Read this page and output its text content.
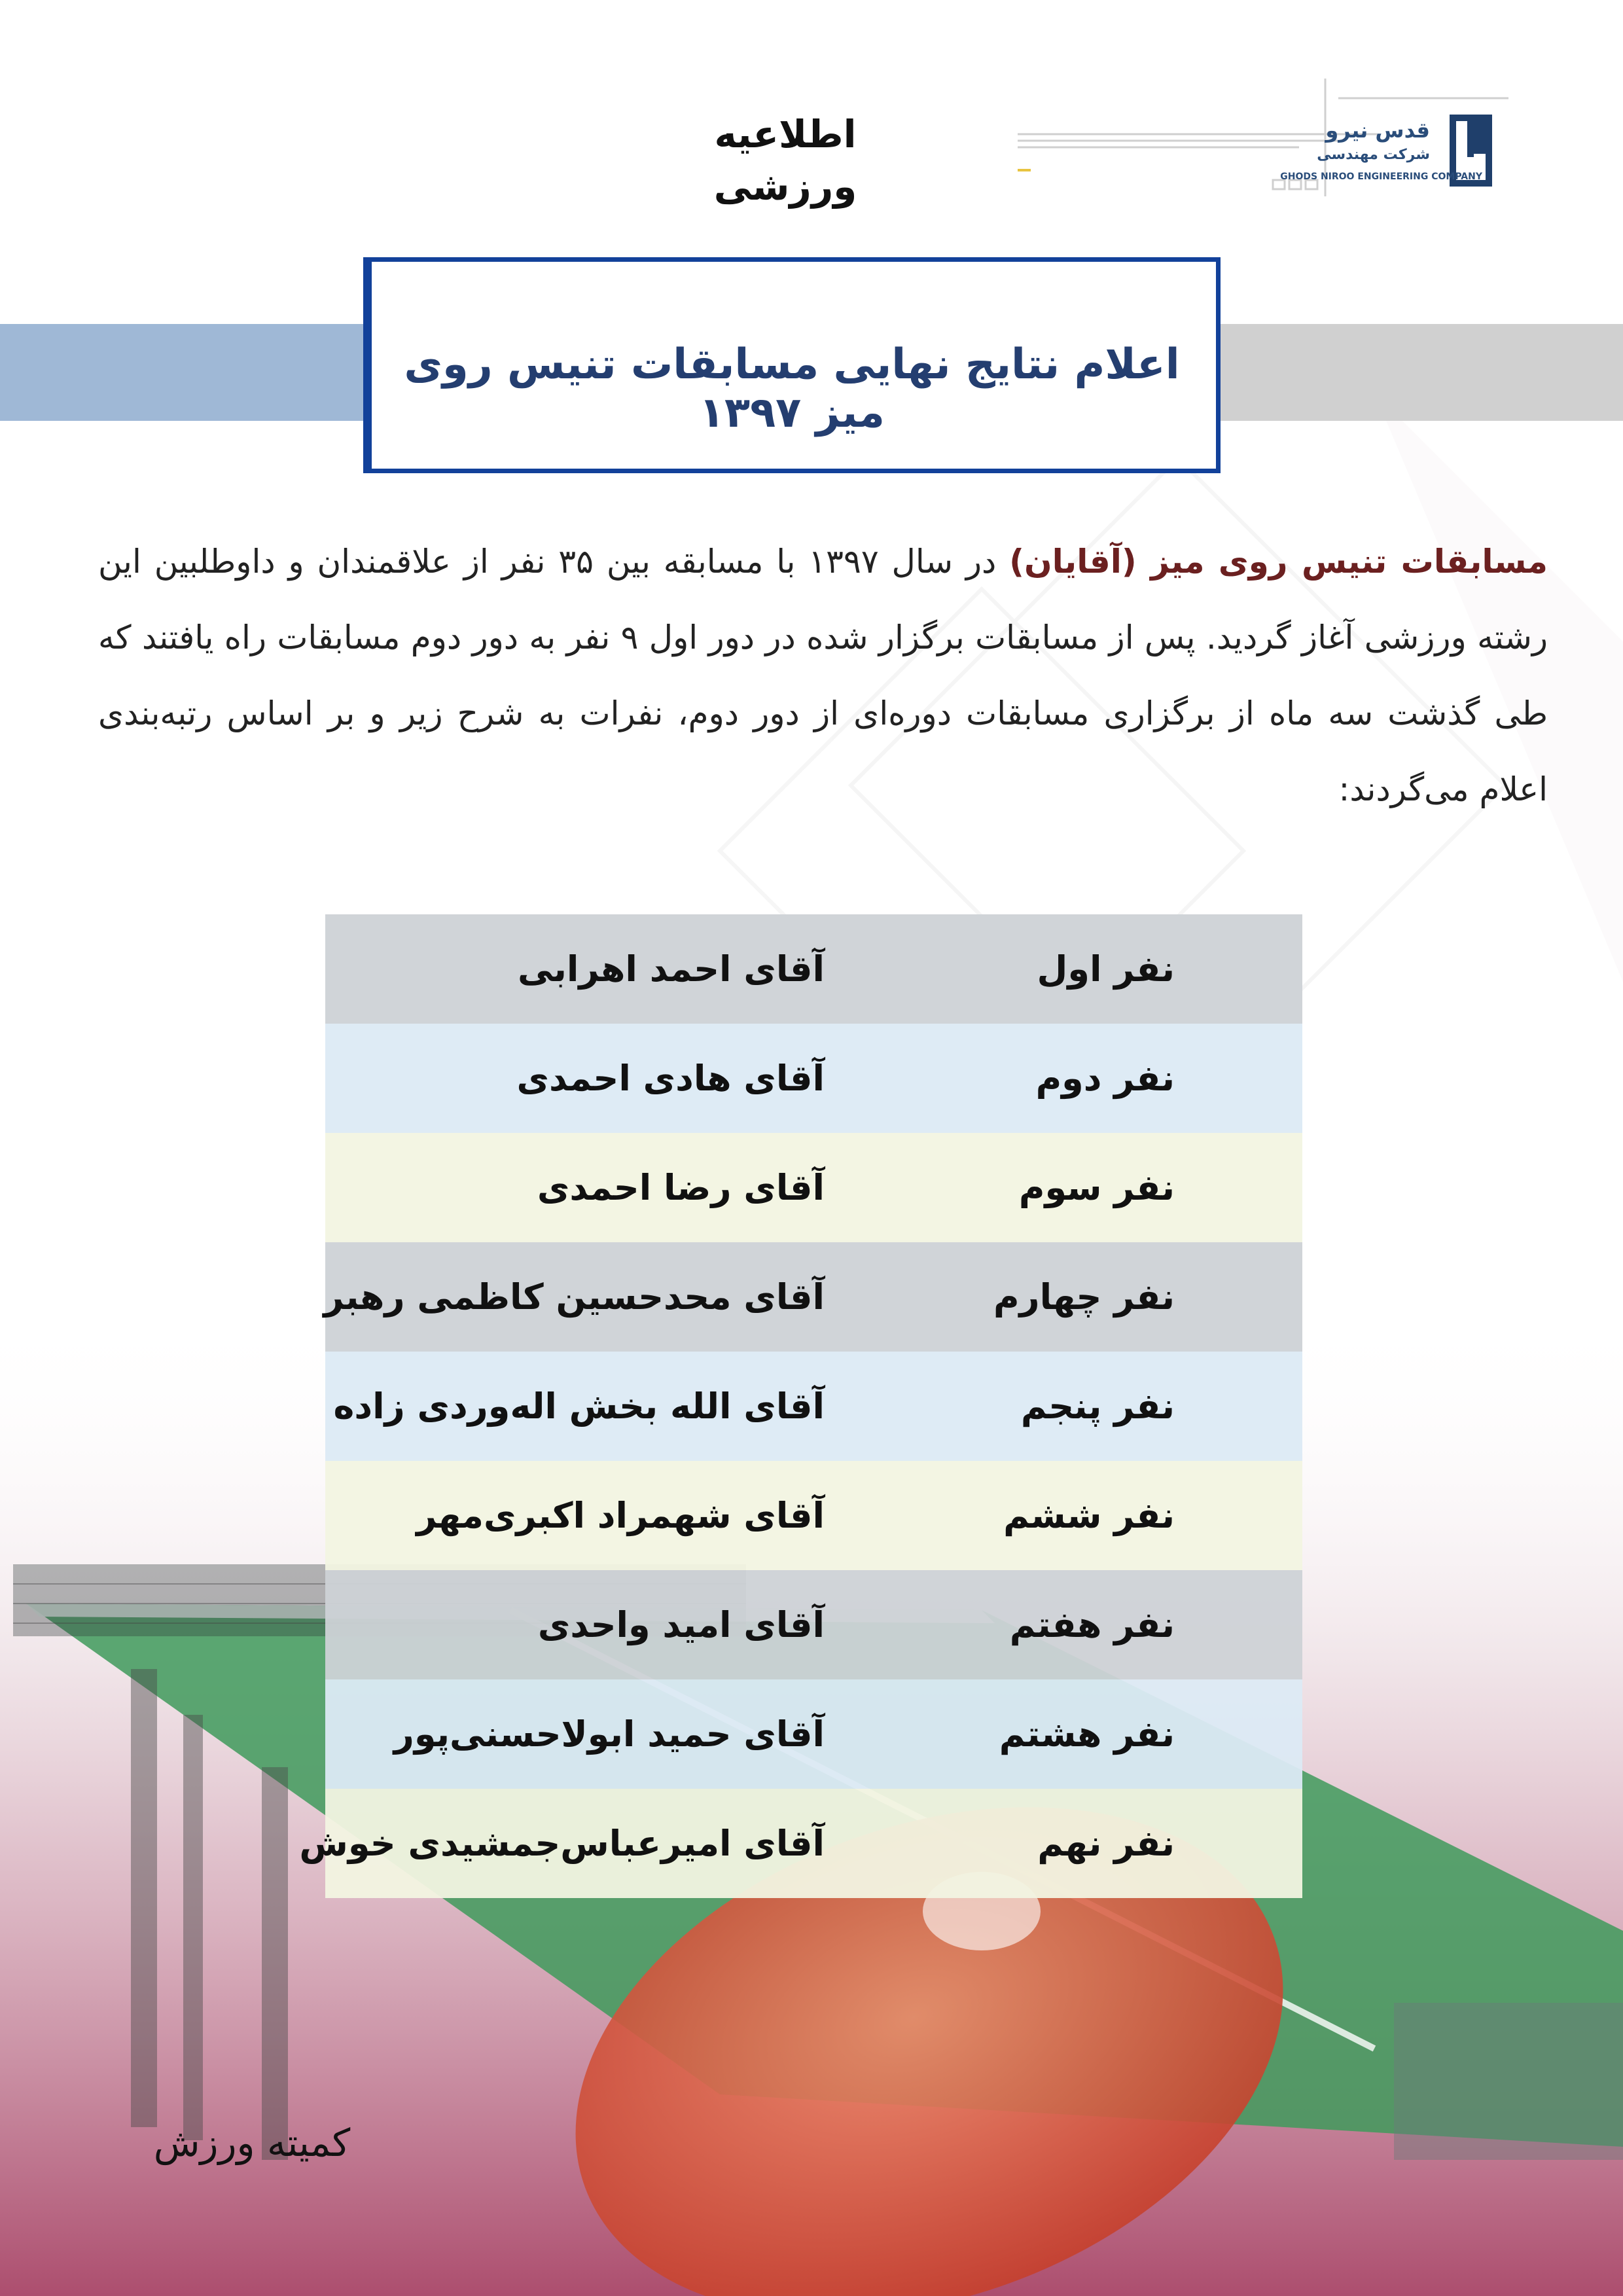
اطلاعیه ورزشی
قدس نیرو
شرکت مهندسی
GHODS NIROO ENGINEERING COMPANY
اعلام نتایج نهایی مسابقات تنیس روی میز ۱۳۹۷
مسابقات تنیس روی میز (آقایان) در سال ۱۳۹۷ با مسابقه بین ۳۵ نفر از علاقمندان و داوطلبین این رشته ورزشی آغاز گردید. پس از مسابقات برگزار شده در دور اول ۹ نفر به دور دوم مسابقات راه یافتند که طی گذشت سه ماه از برگزاری مسابقات دوره‌ای از دور دوم، نفرات به شرح زیر و بر اساس رتبه‌بندی اعلام می‌گردند:
نفر اول
آقای احمد اهرابی
نفر دوم
آقای هادی احمدی
نفر سوم
آقای رضا احمدی
نفر چهارم
آقای محدحسین کاظمی رهبر
نفر پنجم
آقای الله بخش اله‌وردی زاده
نفر ششم
آقای شهمراد اکبری‌مهر
نفر هفتم
آقای امید واحدی
نفر هشتم
آقای حمید ابولاحسنی‌پور
نفر نهم
آقای امیرعباس‌جمشیدی خوش
کمیته ورزش
